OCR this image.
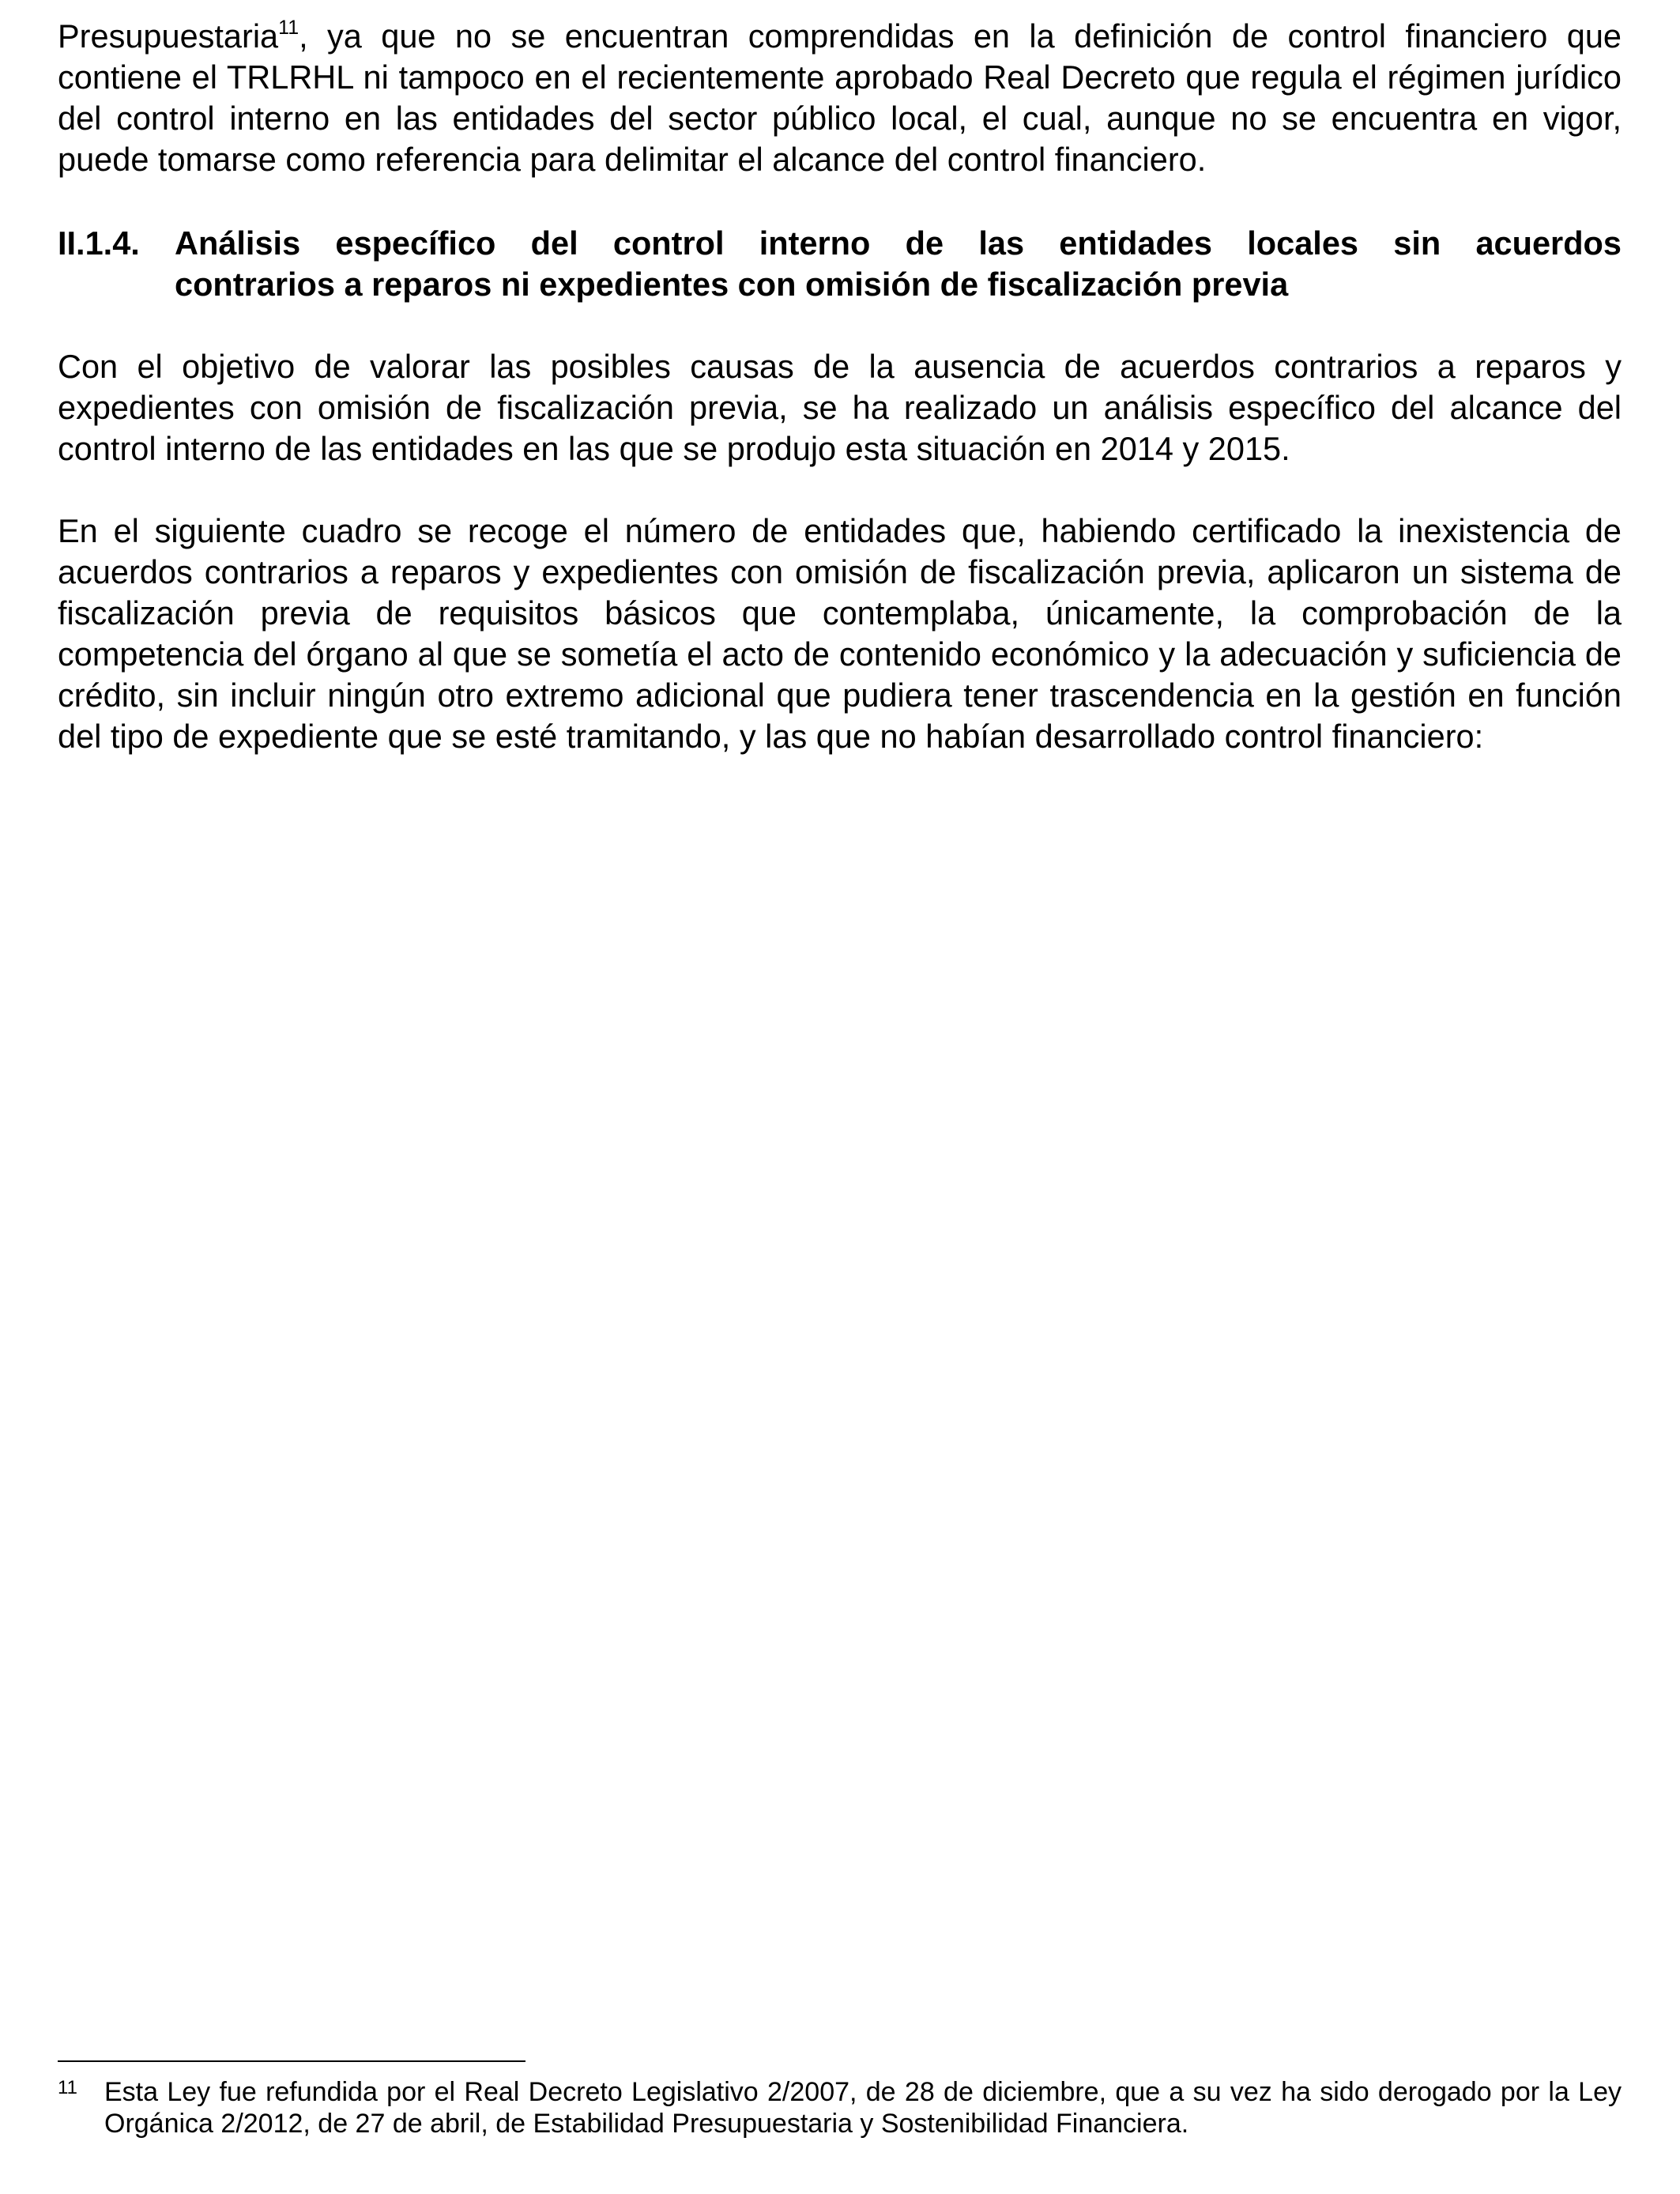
Presupuestaria$^{11}$, ya que no se encuentran comprendidas en la definición de control financiero que contiene el TRLRHL ni tampoco en el recientemente aprobado Real Decreto que regula el régimen jurídico del control interno en las entidades del sector público local, el cual, aunque no se encuentra en vigor, puede tomarse como referencia para delimitar el alcance del control financiero.

II.1.4.	Análisis específico del control interno de las entidades locales sin acuerdos
contrarios a reparos ni expedientes con omisión de fiscalización previa

Con el objetivo de valorar las posibles causas de la ausencia de acuerdos contrarios a reparos y expedientes con omisión de fiscalización previa, se ha realizado un análisis específico del alcance del control interno de las entidades en las que se produjo esta situación en 2014 y 2015.

En el siguiente cuadro se recoge el número de entidades que, habiendo certificado la inexistencia de acuerdos contrarios a reparos y expedientes con omisión de fiscalización previa, aplicaron un sistema de fiscalización previa de requisitos básicos que contemplaba, únicamente, la comprobación de la competencia del órgano al que se sometía el acto de contenido económico y la adecuación y suficiencia de crédito, sin incluir ningún otro extremo adicional que pudiera tener trascendencia en la gestión en función del tipo de expediente que se esté tramitando, y las que no habían desarrollado control financiero:

11	Esta Ley fue refundida por el Real Decreto Legislativo 2/2007, de 28 de diciembre, que a su vez ha sido derogado por la Ley Orgánica 2/2012, de 27 de abril, de Estabilidad Presupuestaria y Sostenibilidad Financiera.
